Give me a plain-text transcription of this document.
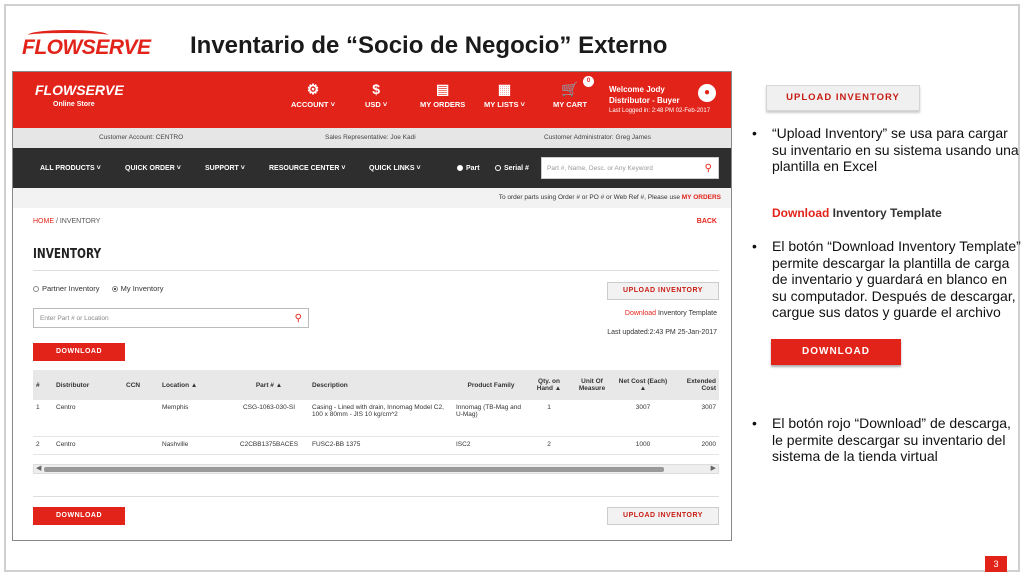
FLOWSERVE Inventario de “Socio de Negocio” Externo
FLOWSERVE
Online Store
⚙
ACCOUNT ˅
$
USD ˅
▤
MY ORDERS
▦
MY LISTS ˅
🛒
MY CART
0
Welcome Jody
Distributor - Buyer
Last Logged in: 2:48 PM 02-Feb-2017
●
Customer Account: CENTRO	Sales Representative: Joe Kadi	Customer Administrator: Greg James
ALL PRODUCTS ˅	QUICK ORDER ˅	SUPPORT ˅	RESOURCE CENTER ˅	QUICK LINKS ˅	Part	Serial #	Part #, Name, Desc. or Any Keyword	⚲
To order parts using Order # or PO # or Web Ref #, Please use MY ORDERS
HOME / INVENTORY	BACK
INVENTORY
Partner Inventory	My Inventory
Enter Part # or Location	⚲
UPLOAD INVENTORY
Download Inventory Template
Last updated:2:43 PM 25-Jan-2017
DOWNLOAD
#	Distributor	CCN	Location ▲	Part # ▲	Description	Product Family	Qty. on Hand ▲	Unit Of Measure	Net Cost (Each) ▲	Extended Cost
1	Centro		Memphis	CSG-1063-030-SI	Casing - Lined with drain, Innomag Model C2, 100 x 80mm - JIS 10 kg/cm^2	Innomag (TB-Mag and U-Mag)	1		3007	3007
2	Centro		Nashville	C2CBB1375BACES	FUSC2-BB 1375	ISC2	2		1000	2000
◀	▶
DOWNLOAD	UPLOAD INVENTORY
UPLOAD INVENTORY
•	“Upload Inventory” se usa para cargar su inventario en su sistema usando una plantilla en Excel
Download Inventory Template
•	El botón “Download Inventory Template” permite descargar la plantilla de carga de inventario y guardará en blanco en su computador. Después de descargar, cargue sus datos y guarde el archivo
DOWNLOAD
•	El botón rojo “Download” de descarga, le permite descargar su inventario del sistema de la tienda virtual
3
